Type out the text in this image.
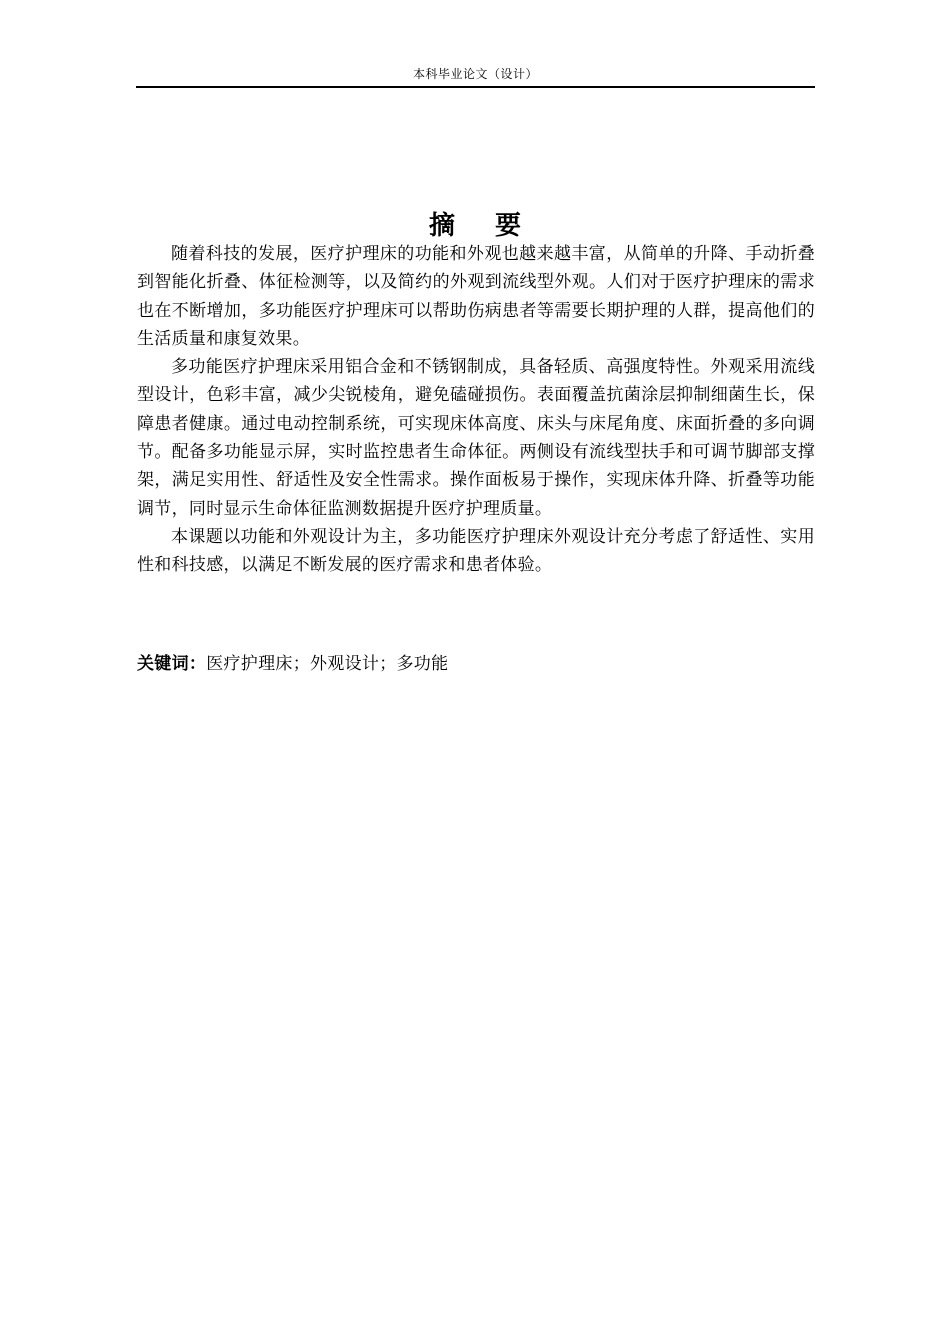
本科毕业论文（设计）
摘 要

随着科技的发展，医疗护理床的功能和外观也越来越丰富，从简单的升降、手动折叠到智能化折叠、体征检测等，以及简约的外观到流线型外观。人们对于医疗护理床的需求也在不断增加，多功能医疗护理床可以帮助伤病患者等需要长期护理的人群，提高他们的生活质量和康复效果。

多功能医疗护理床采用铝合金和不锈钢制成，具备轻质、高强度特性。外观采用流线型设计，色彩丰富，减少尖锐棱角，避免磕碰损伤。表面覆盖抗菌涂层抑制细菌生长，保障患者健康。通过电动控制系统，可实现床体高度、床头与床尾角度、床面折叠的多向调节。配备多功能显示屏，实时监控患者生命体征。两侧设有流线型扶手和可调节脚部支撑架，满足实用性、舒适性及安全性需求。操作面板易于操作，实现床体升降、折叠等功能调节，同时显示生命体征监测数据提升医疗护理质量。

本课题以功能和外观设计为主，多功能医疗护理床外观设计充分考虑了舒适性、实用性和科技感，以满足不断发展的医疗需求和患者体验。

关键词：医疗护理床；外观设计；多功能
